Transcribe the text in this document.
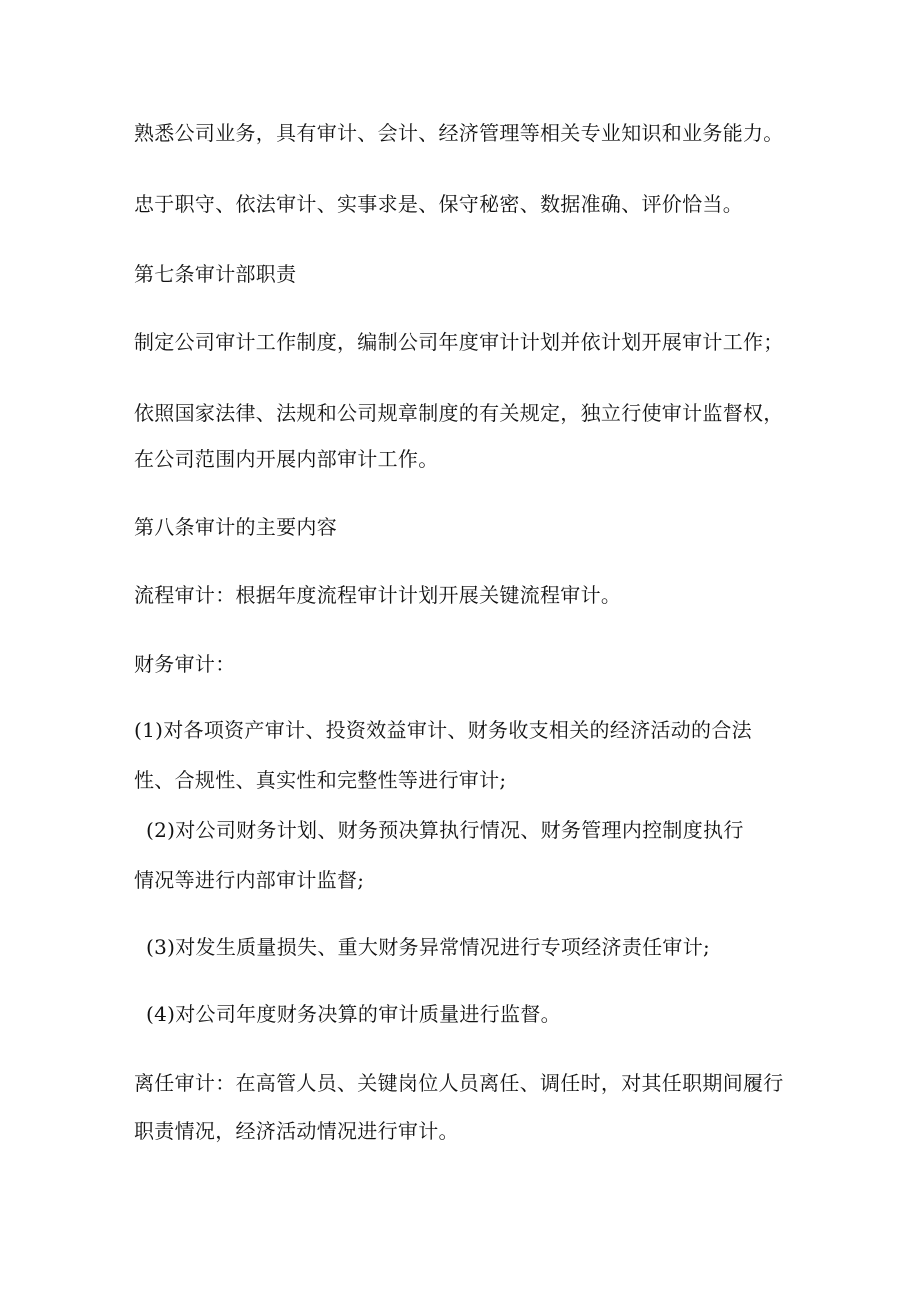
熟悉公司业务，具有审计、会计、经济管理等相关专业知识和业务能力。
忠于职守、依法审计、实事求是、保守秘密、数据准确、评价恰当。
第七条审计部职责
制定公司审计工作制度，编制公司年度审计计划并依计划开展审计工作；
依照国家法律、法规和公司规章制度的有关规定，独立行使审计监督权，
在公司范围内开展内部审计工作。
第八条审计的主要内容
流程审计：根据年度流程审计计划开展关键流程审计。
财务审计：
(1)对各项资产审计、投资效益审计、财务收支相关的经济活动的合法
性、合规性、真实性和完整性等进行审计;
(2)对公司财务计划、财务预决算执行情况、财务管理内控制度执行
情况等进行内部审计监督;
(3)对发生质量损失、重大财务异常情况进行专项经济责任审计;
(4)对公司年度财务决算的审计质量进行监督。
离任审计：在高管人员、关键岗位人员离任、调任时，对其任职期间履行
职责情况，经济活动情况进行审计。
